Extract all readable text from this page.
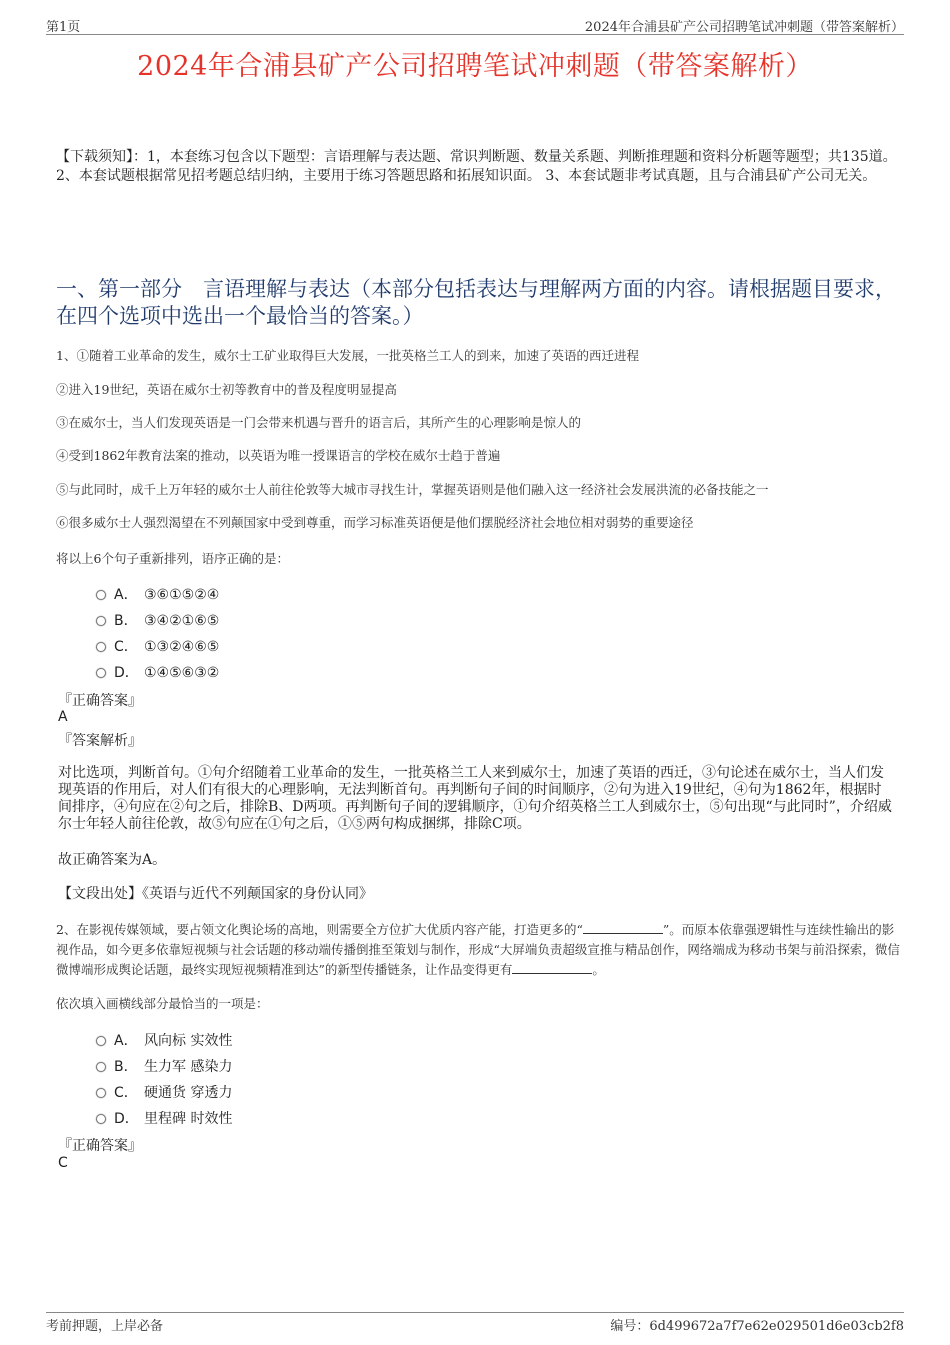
第1页	2024年合浦县矿产公司招聘笔试冲刺题（带答案解析）
2024年合浦县矿产公司招聘笔试冲刺题（带答案解析）
【下载须知】：1，本套练习包含以下题型：言语理解与表达题、常识判断题、数量关系题、判断推理题和资料分析题等题型；共135道。 2、本套试题根据常见招考题总结归纳，主要用于练习答题思路和拓展知识面。 3、本套试题非考试真题，且与合浦县矿产公司无关。
一、第一部分　言语理解与表达（本部分包括表达与理解两方面的内容。请根据题目要求，在四个选项中选出一个最恰当的答案。）
1、①随着工业革命的发生，威尔士工矿业取得巨大发展，一批英格兰工人的到来，加速了英语的西迁进程
②进入19世纪，英语在威尔士初等教育中的普及程度明显提高
③在威尔士，当人们发现英语是一门会带来机遇与晋升的语言后，其所产生的心理影响是惊人的
④受到1862年教育法案的推动，以英语为唯一授课语言的学校在威尔士趋于普遍
⑤与此同时，成千上万年轻的威尔士人前往伦敦等大城市寻找生计，掌握英语则是他们融入这一经济社会发展洪流的必备技能之一
⑥很多威尔士人强烈渴望在不列颠国家中受到尊重，而学习标准英语便是他们摆脱经济社会地位相对弱势的重要途径
将以上6个句子重新排列，语序正确的是：
A． ③⑥①⑤②④
B． ③④②①⑥⑤
C． ①③②④⑥⑤
D． ①④⑤⑥③②
『正确答案』
A
『答案解析』
对比选项，判断首句。①句介绍随着工业革命的发生，一批英格兰工人来到威尔士，加速了英语的西迁，③句论述在威尔士，当人们发现英语的作用后，对人们有很大的心理影响，无法判断首句。再判断句子间的时间顺序，②句为进入19世纪，④句为1862年，根据时间排序，④句应在②句之后，排除B、D两项。再判断句子间的逻辑顺序，①句介绍英格兰工人到威尔士，⑤句出现“与此同时”，介绍威尔士年轻人前往伦敦，故⑤句应在①句之后，①⑤两句构成捆绑，排除C项。
故正确答案为A。
【文段出处】《英语与近代不列颠国家的身份认同》
2、在影视传媒领域，要占领文化舆论场的高地，则需要全方位扩大优质内容产能，打造更多的“	”。而原本依靠强逻辑性与连续性输出的影视作品，如今更多依靠短视频与社会话题的移动端传播倒推至策划与制作，形成“大屏端负责超级宣推与精品创作，网络端成为移动书架与前沿探索，微信微博端形成舆论话题，最终实现短视频精准到达”的新型传播链条，让作品变得更有	。
依次填入画横线部分最恰当的一项是：
A． 风向标 实效性
B． 生力军 感染力
C． 硬通货 穿透力
D． 里程碑 时效性
『正确答案』
C
考前押题，上岸必备	编号：6d499672a7f7e62e029501d6e03cb2f8
